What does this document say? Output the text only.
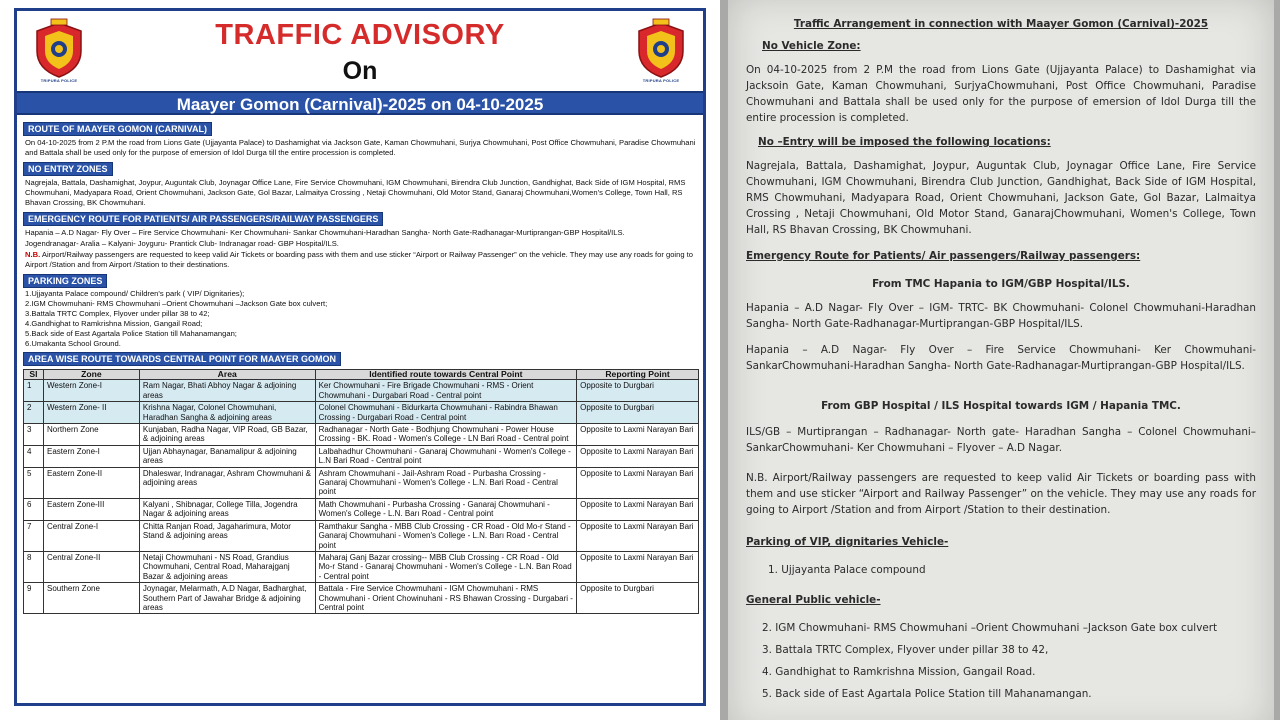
TRIPURA POLICE	TRIPURA POLICE
TRAFFIC ADVISORY
On
Maayer Gomon (Carnival)-2025 on 04-10-2025
ROUTE OF MAAYER GOMON (CARNIVAL)
On 04-10-2025 from 2 P.M the road from Lions Gate (Ujjayanta Palace) to Dashamighat via Jackson Gate, Kaman Chowmuhani, Surjya Chowmuhani, Post Office Chowmuhani, Paradise Chowmuhani and Battala shall be used only for the purpose of emersion of Idol Durga till the entire procession is completed.
NO ENTRY ZONES
Nagrejala, Battala, Dashamighat, Joypur, Auguntak Club, Joynagar Office Lane, Fire Service Chowmuhani, IGM Chowmuhani, Birendra Club Junction, Gandhighat, Back Side of IGM Hospital, RMS Chowmuhani, Madyapara Road, Orient Chowmuhani, Jackson Gate, Gol Bazar, Lalmaitya Crossing , Netaji Chowmuhani, Old Motor Stand, Ganaraj Chowmuhani,Women's College, Town Hall, RS Bhavan Crossing, BK Chowmuhani.
EMERGENCY ROUTE FOR PATIENTS/ AIR PASSENGERS/RAILWAY PASSENGERS
Hapania – A.D Nagar- Fly Over – Fire Service Chowmuhani- Ker Chowmuhani- Sankar Chowmuhani-Haradhan Sangha- North Gate-Radhanagar-Murtiprangan-GBP Hospital/ILS.
Jogendranagar- Aralia – Kalyani- Joyguru- Prantick Club- Indranagar road- GBP Hospital/ILS.
N.B. Airport/Railway passengers are requested to keep valid Air Tickets or boarding pass with them and use sticker “Airport or Railway Passenger” on the vehicle. They may use any roads for going to Airport /Station and from Airport /Station to their destinations.
PARKING ZONES
1.Ujjayanta Palace compound/ Children's park ( VIP/ Dignitaries);
2.IGM Chowmuhani- RMS Chowmuhani –Orient Chowmuhani –Jackson Gate box culvert;
3.Battala TRTC Complex, Flyover under pillar 38 to 42;
4.Gandhighat to Ramkrishna Mission, Gangail Road;
5.Back side of East Agartala Police Station till Mahanamangan;
6.Umakanta School Ground.
AREA WISE ROUTE TOWARDS CENTRAL POINT FOR MAAYER GOMON
Sl	Zone	Area	Identified route towards Central Point	Reporting Point
1	Western Zone-I	Ram Nagar, Bhati Abhoy Nagar & adjoining areas	Ker Chowmuhani - Fire Brigade Chowmuhani - RMS - Orient Chowmuhani - Durgabari Road - Central point	Opposite to Durgbari
2	Western Zone- II	Krishna Nagar, Colonel Chowmuhani, Haradhan Sangha & adjoining areas	Colonel Chowmuhani - Bidurkarta Chowmuhani - Rabindra Bhawan Crossing - Durgabari Road - Central point	Opposite to Durgbari
3	Northern Zone	Kunjaban, Radha Nagar, VIP Road, GB Bazar, & adjoining areas	Radhanagar - North Gate - Bodhjung Chowmuhani - Power House Crossing - BK. Road - Women's College - LN Bari Road - Central point	Opposite to Laxmi Narayan Bari
4	Eastern Zone-I	Ujjan Abhaynagar, Banamalipur & adjoining areas	Lalbahadhur Chowmuhani - Ganaraj Chowmuhani - Women's College - L.N Bari Road - Central point	Opposite to Laxmi Narayan Bari
5	Eastern Zone-II	Dhaleswar, Indranagar, Ashram Chowmuhani & adjoining areas	Ashram Chowmuhani - Jail-Ashram Road - Purbasha Crossing - Ganaraj Chowmuhani - Women's College - L.N. Bari Road - Central point	Opposite to Laxmi Narayan Bari
6	Eastern Zone-III	Kalyani , Shibnagar, College Tilla, Jogendra Nagar & adjoining areas	Math Chowmuhani - Purbasha Crossing - Ganaraj Chowmuhani - Women's College - L.N. Barı Road - Central point	Opposite to Laxmi Narayan Bari
7	Central Zone-I	Chitta Ranjan Road, Jagaharimura, Motor Stand & adjoining areas	Ramthakur Sangha - MBB Club Crossing - CR Road - Old Mo-r Stand - Ganaraj Chowmuhani - Women's College - L.N. Barı Road - Central point	Opposite to Laxmi Narayan Bari
8	Central Zone-II	Netaji Chowmuhani - NS Road, Grandius Chowmuhani, Central Road, Maharajganj Bazar & adjoining areas	Maharaj Ganj Bazar crossing-- MBB Club Crossing - CR Road - Old Mo-r Stand - Ganaraj Chowmuhani - Women's College - L.N. Ban Road - Central point	Opposite to Laxmi Narayan Bari
9	Southern Zone	Joynagar, Melarmath, A.D Nagar, Badharghat, Southern Part of Jawahar Bridge & adjoining areas	Battala - Fire Service Chowmuhani - IGM Chowmuhani - RMS Chowmuhani - Orient Chowinuhani - RS Bhawan Crossing - Durgabari - Central point	Opposite to Durgbari
Traffic Arrangement in connection with Maayer Gomon (Carnival)-2025
No Vehicle Zone:
On 04-10-2025 from 2 P.M the road from Lions Gate (Ujjayanta Palace) to Dashamighat via Jacksoin Gate, Kaman Chowmuhani, SurjyaChowmuhani, Post Office Chowmuhani, Paradise Chowmuhani and Battala shall be used only for the purpose of emersion of Idol Durga till the entire procession is completed.
No –Entry will be imposed the following locations:
Nagrejala, Battala, Dashamighat, Joypur, Auguntak Club, Joynagar Office Lane, Fire Service Chowmuhani, IGM Chowmuhani, Birendra Club Junction, Gandhighat, Back Side of IGM Hospital, RMS Chowmuhani, Madyapara Road, Orient Chowmuhani, Jackson Gate, Gol Bazar, Lalmaitya Crossing , Netaji Chowmuhani, Old Motor Stand, GanarajChowmuhani, Women's College, Town Hall, RS Bhavan Crossing, BK Chowmuhani.
Emergency Route for Patients/ Air passengers/Railway passengers:
From TMC Hapania to IGM/GBP Hospital/ILS.
Hapania – A.D Nagar- Fly Over – IGM- TRTC- BK Chowmuhani- Colonel Chowmuhani-Haradhan Sangha- North Gate-Radhanagar-Murtiprangan-GBP Hospital/ILS.
Hapania – A.D Nagar- Fly Over – Fire Service Chowmuhani- Ker Chowmuhani- SankarChowmuhani-Haradhan Sangha- North Gate-Radhanagar-Murtiprangan-GBP Hospital/ILS.
From GBP Hospital / ILS Hospital towards IGM / Hapania TMC.
ILS/GB – Murtiprangan – Radhanagar- North gate- Haradhan Sangha – Colonel Chowmuhani– SankarChowmuhani- Ker Chowmuhani – Flyover – A.D Nagar.
N.B. Airport/Railway passengers are requested to keep valid Air Tickets or boarding pass with them and use sticker “Airport and Railway Passenger” on the vehicle. They may use any roads for going to Airport /Station and from Airport /Station to their destination.
Parking of VIP, dignitaries Vehicle-
1. Ujjayanta Palace compound
General Public vehicle-
2. IGM Chowmuhani- RMS Chowmuhani –Orient Chowmuhani –Jackson Gate box culvert
3. Battala TRTC Complex, Flyover under pillar 38 to 42,
4. Gandhighat to Ramkrishna Mission, Gangail Road.
5. Back side of East Agartala Police Station till Mahanamangan.
